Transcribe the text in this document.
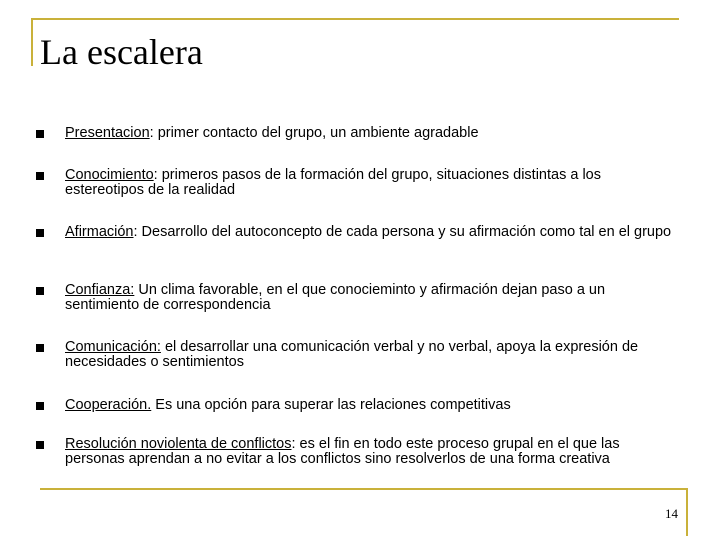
La escalera
Presentacion: primer contacto del grupo, un ambiente agradable
Conocimiento: primeros pasos de la formación del grupo, situaciones distintas a los estereotipos de la realidad
Afirmación: Desarrollo del autoconcepto de cada persona y su afirmación como tal en el grupo
Confianza: Un clima favorable, en el que conocieminto y afirmación dejan paso a un sentimiento de correspondencia
Comunicación: el desarrollar una comunicación verbal y no verbal, apoya la expresión de necesidades o sentimientos
Cooperación. Es una opción para superar las relaciones competitivas
Resolución noviolenta de conflictos: es el fin en todo este proceso grupal en el que las personas aprendan a no evitar a los conflictos sino resolverlos de una forma creativa
14
